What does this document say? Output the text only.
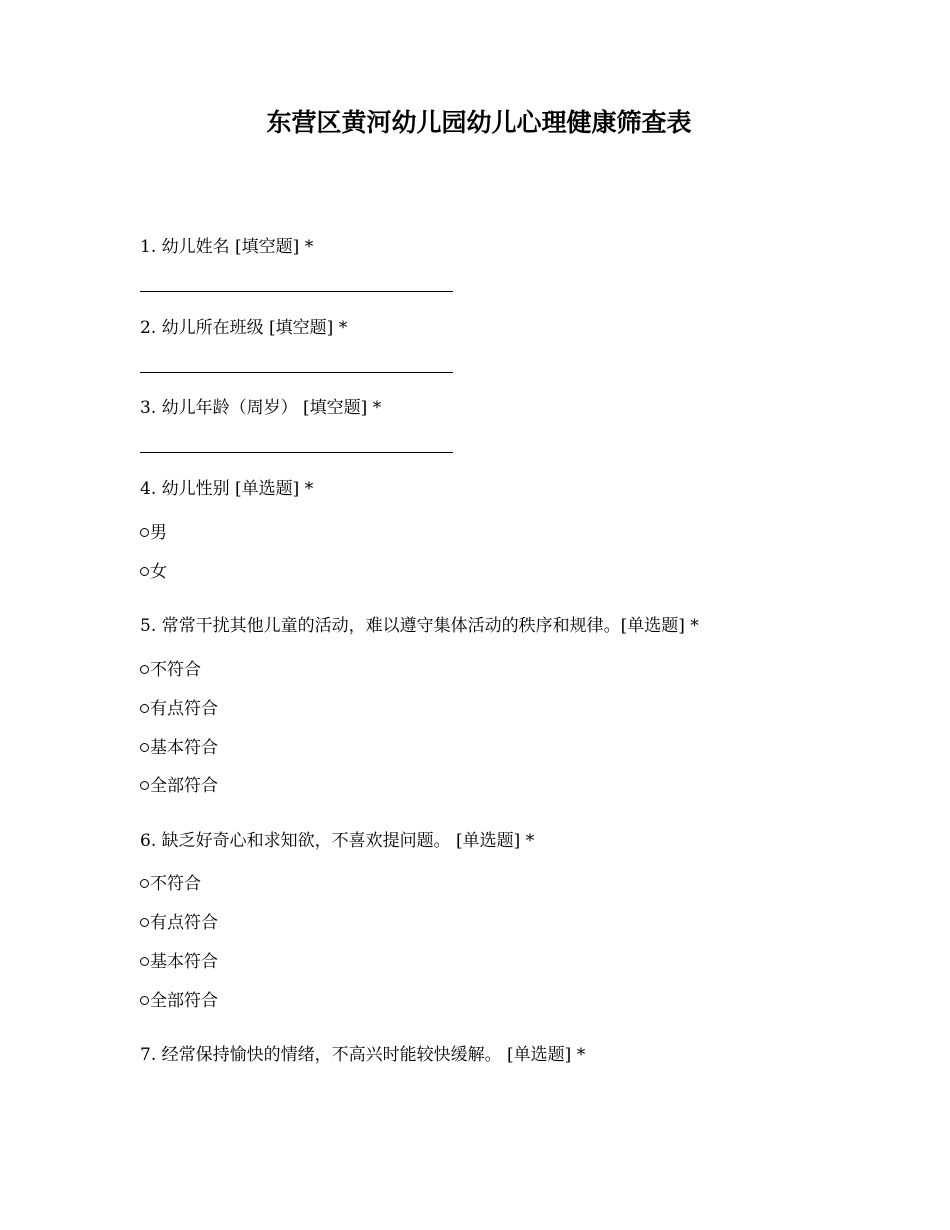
东营区黄河幼儿园幼儿心理健康筛查表

1. 幼儿姓名 [填空题] *

2. 幼儿所在班级 [填空题] *

3. 幼儿年龄（周岁） [填空题] *

4. 幼儿性别 [单选题] *

男

女

5. 常常干扰其他儿童的活动，难以遵守集体活动的秩序和规律。[单选题] *

不符合

有点符合

基本符合

全部符合

6. 缺乏好奇心和求知欲，不喜欢提问题。 [单选题] *

不符合

有点符合

基本符合

全部符合

7. 经常保持愉快的情绪，不高兴时能较快缓解。 [单选题] *
